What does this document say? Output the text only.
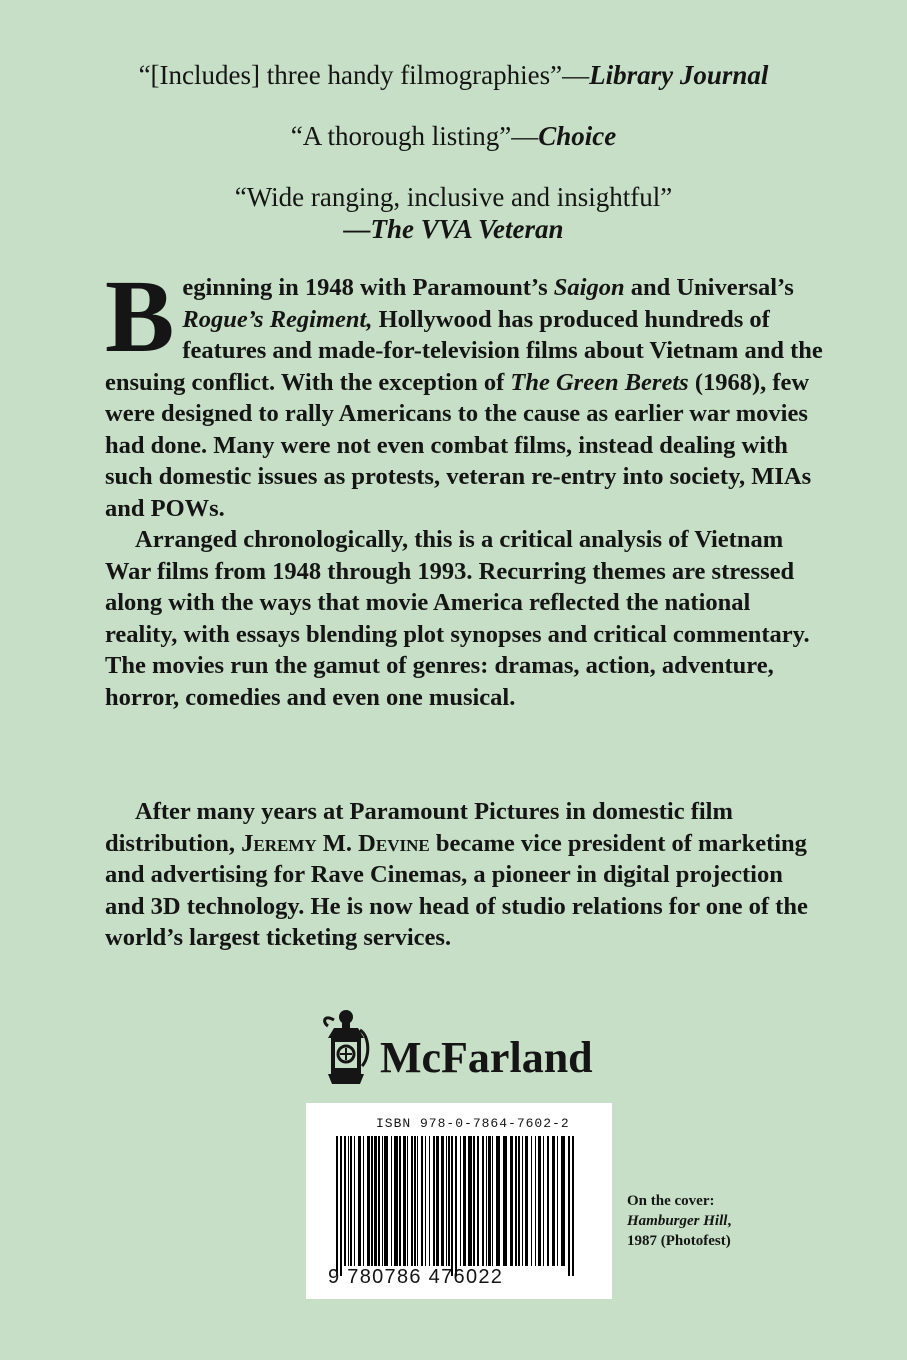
“[Includes] three handy filmographies”—Library Journal
“A thorough listing”—Choice
“Wide ranging, inclusive and insightful”
—The VVA Veteran

Beginning in 1948 with Paramount’s Saigon and Universal’s Rogue’s Regiment, Hollywood has produced hundreds of features and made-for-television films about Vietnam and the ensuing conflict. With the exception of The Green Berets (1968), few were designed to rally Americans to the cause as earlier war movies had done. Many were not even combat films, instead dealing with such domestic issues as protests, veteran re-entry into society, MIAs and POWs.

Arranged chronologically, this is a critical analysis of Vietnam War films from 1948 through 1993. Recurring themes are stressed along with the ways that movie America reflected the national reality, with essays blending plot synopses and critical commentary. The movies run the gamut of genres: dramas, action, adventure, horror, comedies and even one musical.

After many years at Paramount Pictures in domestic film distribution, Jeremy M. Devine became vice president of marketing and advertising for Rave Cinemas, a pioneer in digital projection and 3D technology. He is now head of studio relations for one of the world’s largest ticketing services.

McFarland
ISBN 978-0-7864-7602-2
9 780786 476022
On the cover:
Hamburger Hill,
1987 (Photofest)
